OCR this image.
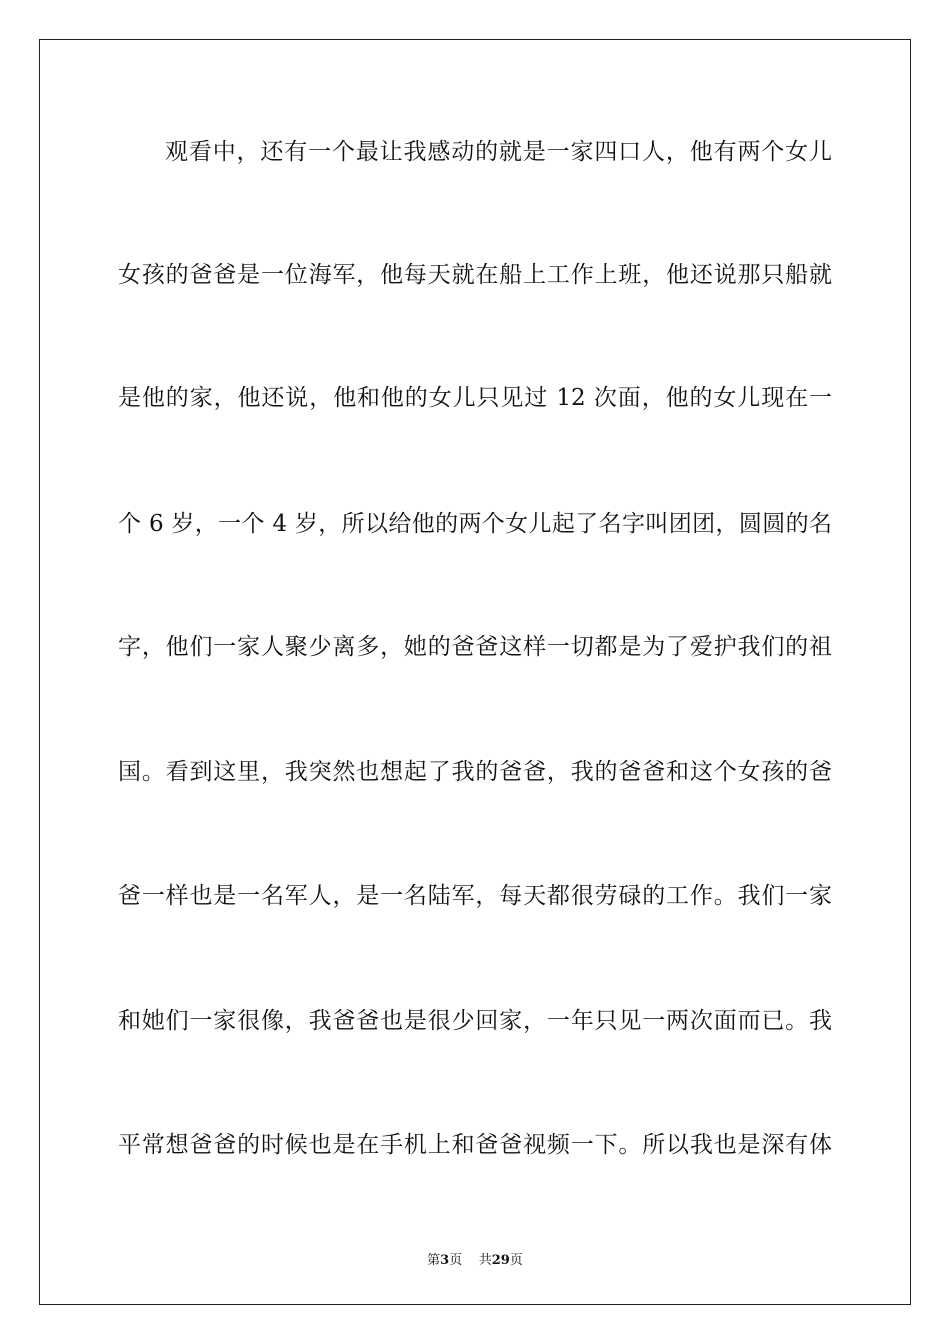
观看中，还有一个最让我感动的就是一家四口人，他有两个女儿
女孩的爸爸是一位海军，他每天就在船上工作上班，他还说那只船就
是他的家，他还说，他和他的女儿只见过 12 次面，他的女儿现在一
个 6 岁，一个 4 岁，所以给他的两个女儿起了名字叫团团，圆圆的名
字，他们一家人聚少离多，她的爸爸这样一切都是为了爱护我们的祖
国。看到这里，我突然也想起了我的爸爸，我的爸爸和这个女孩的爸
爸一样也是一名军人，是一名陆军，每天都很劳碌的工作。我们一家
和她们一家很像，我爸爸也是很少回家，一年只见一两次面而已。我
平常想爸爸的时候也是在手机上和爸爸视频一下。所以我也是深有体
第3页 共29页
